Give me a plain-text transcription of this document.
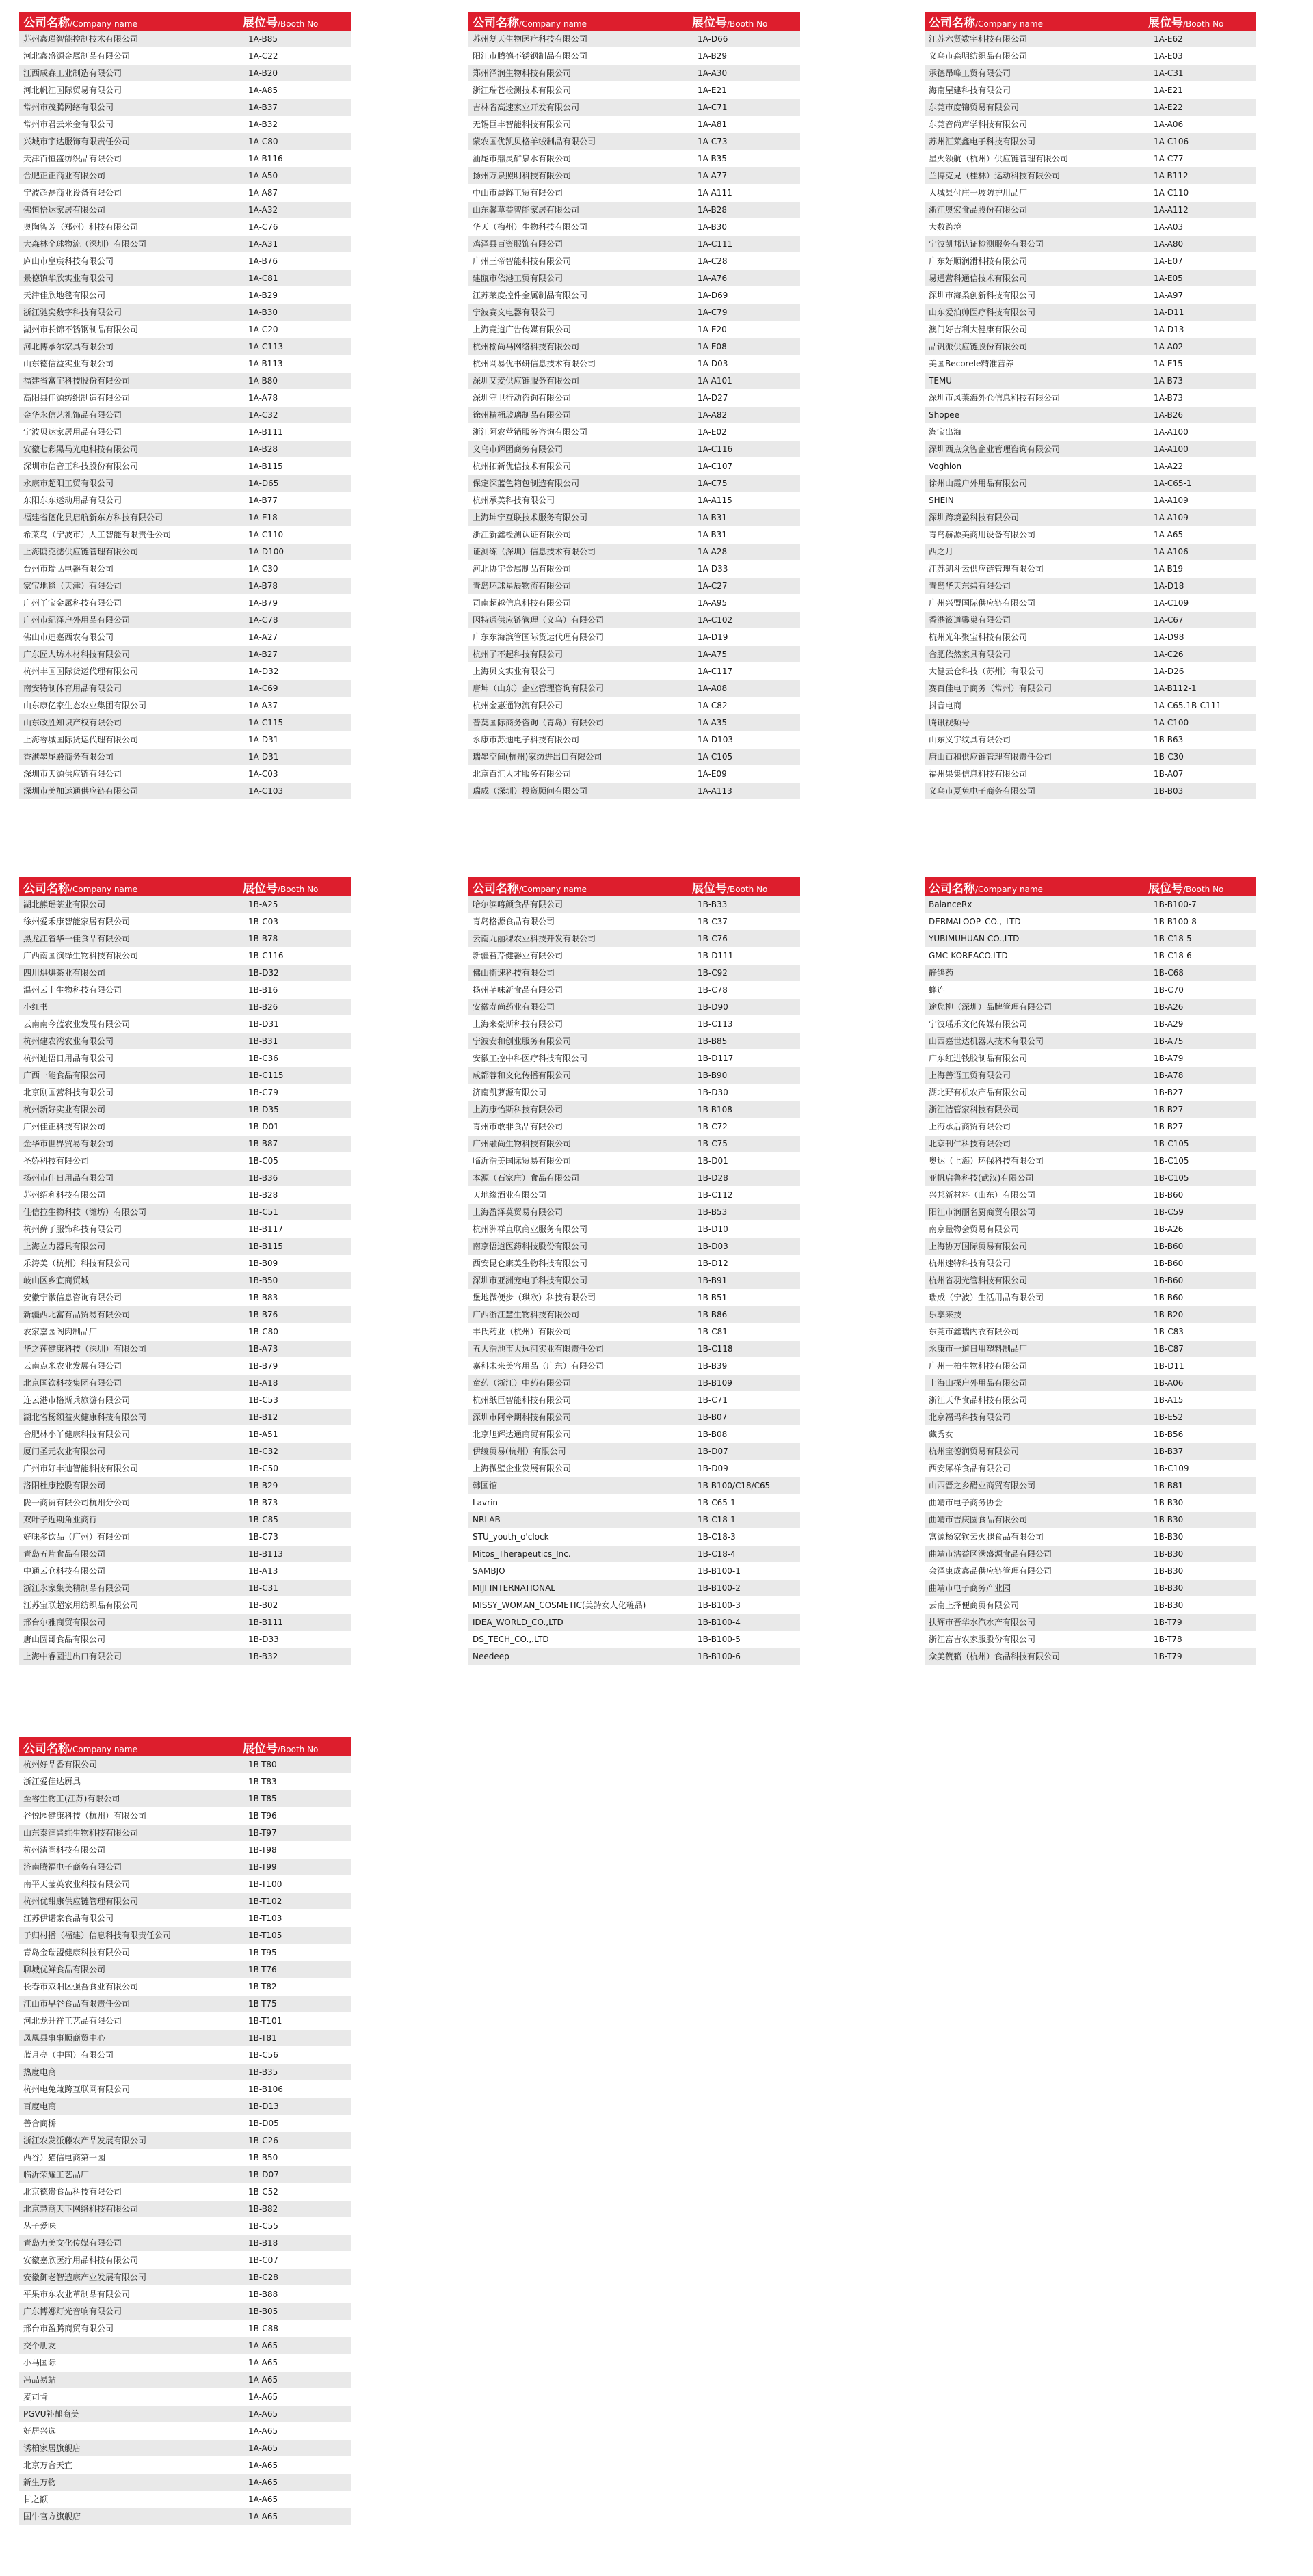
公司名称 /Company name	展位号 /Booth No
苏州鑫瑾智能控制技术有限公司	1A-B85
河北鑫盛源金属制品有限公司	1A-C22
江西成森工业制造有限公司	1A-B20
河北帆江国际贸易有限公司	1A-A85
常州市茂腾网络有限公司	1A-B37
常州市君云米金有限公司	1A-B32
兴城市宇达服饰有限责任公司	1A-C80
天津百恒盛纺织品有限公司	1A-B116
合肥正正商业有限公司	1A-A50
宁波超磊商业设备有限公司	1A-A87
佛恒悟达家居有限公司	1A-A32
奥陶智芳（郑州）科技有限公司	1A-C76
大森林全球物流（深圳）有限公司	1A-A31
庐山市皇宸科技有限公司	1A-B76
景德镇华欣实业有限公司	1A-C81
天津佳欣地毯有限公司	1A-B29
浙江驰奕数字科技有限公司	1A-B30
湖州市长锦不锈钢制品有限公司	1A-C20
河北博承尔家具有限公司	1A-C113
山东德信益实业有限公司	1A-B113
福建省富宇科技股份有限公司	1A-B80
高阳县佳源纺织制造有限公司	1A-A78
金华永信艺礼饰品有限公司	1A-C32
宁波贝达家居用品有限公司	1A-B111
安徽七彩黑马光电科技有限公司	1A-B28
深圳市信音王科技股份有限公司	1A-B115
永康市超阳工贸有限公司	1A-D65
东阳东东运动用品有限公司	1A-B77
福建省德化县启航新东方科技有限公司	1A-E18
希莱鸟（宁波市）人工智能有限责任公司	1A-C110
上海鸥克滤供应链管理有限公司	1A-D100
台州市瑞弘电器有限公司	1A-C30
家宝地毯（天津）有限公司	1A-B78
广州丫宝金属科技有限公司	1A-B79
广州市纪泽户外用品有限公司	1A-C78
佛山市迪嘉西农有限公司	1A-A27
广东匠人坊木材科技有限公司	1A-B27
杭州丰国国际货运代理有限公司	1A-D32
南安特制体育用品有限公司	1A-C69
山东康亿家生态农业集团有限公司	1A-A37
山东政胜知识产权有限公司	1A-C115
上海睿城国际货运代理有限公司	1A-D31
香港墨尾殿商务有限公司	1A-D31
深圳市天源供应链有限公司	1A-C03
深圳市美加运通供应链有限公司	1A-C103
公司名称 /Company name	展位号 /Booth No
苏州复天生物医疗科技有限公司	1A-D66
阳江市腾德不锈钢制品有限公司	1A-B29
郑州泽润生物科技有限公司	1A-A30
浙江瑞苍检测技术有限公司	1A-E21
吉林省高速家业开发有限公司	1A-C71
无锡巨丰智能科技有限公司	1A-A81
蒙农国优凯贝格羊绒制品有限公司	1A-C73
汕尾市鼎灵矿泉水有限公司	1A-B35
扬州万泉照明科技有限公司	1A-A77
中山市晨辉工贸有限公司	1A-A111
山东馨草益智能家居有限公司	1A-B28
华天（梅州）生物科技有限公司	1A-B30
鸡泽县百资服饰有限公司	1A-C111
广州三帝智能科技有限公司	1A-C28
建瓯市依港工贸有限公司	1A-A76
江苏莱度控件金属制品有限公司	1A-D69
宁波赛文电器有限公司	1A-C79
上海竞道广告传媒有限公司	1A-E20
杭州榆尚马网络科技有限公司	1A-E08
杭州网易优书研信息技术有限公司	1A-D03
深圳艾麦供应链服务有限公司	1A-A101
深圳守卫行动咨询有限公司	1A-D27
徐州精桶玻璃制品有限公司	1A-A82
浙江阿农营销服务咨询有限公司	1A-E02
义乌市辉团商务有限公司	1A-C116
杭州拓新优信技术有限公司	1A-C107
保定深蓝色箱包制造有限公司	1A-C75
杭州承美科技有限公司	1A-A115
上海坤宁互联技术服务有限公司	1A-B31
浙江新鑫检测认证有限公司	1A-B31
证测练（深圳）信息技术有限公司	1A-A28
河北协宇金属制品有限公司	1A-D33
青岛环球星辰物流有限公司	1A-C27
司南超越信息科技有限公司	1A-A95
因特通供应链管理（义乌）有限公司	1A-C102
广东东海滨管国际货运代理有限公司	1A-D19
杭州了不起科技有限公司	1A-A75
上海贝文实业有限公司	1A-C117
唐坤（山东）企业管理咨询有限公司	1A-A08
杭州金惠通物流有限公司	1A-C82
普莫国际商务咨询（青岛）有限公司	1A-A35
永康市苏迪电子科技有限公司	1A-D103
瑞墨空间(杭州)家纺进出口有限公司	1A-C105
北京百汇人才服务有限公司	1A-E09
瑞成（深圳）投资顾问有限公司	1A-A113
公司名称 /Company name	展位号 /Booth No
江苏六贤数字科技有限公司	1A-E62
义乌市森明纺织品有限公司	1A-E03
承德昂峰工贸有限公司	1A-C31
海南屋建科技有限公司	1A-E21
东莞市度锦贸易有限公司	1A-E22
东莞音尚声学科技有限公司	1A-A06
苏州汇莱鑫电子科技有限公司	1A-C106
星火领航（杭州）供应链管理有限公司	1A-C77
兰博克兄（桂林）运动科技有限公司	1A-B112
大城县付庄一坡防护用品厂	1A-C110
浙江奥宏食品股份有限公司	1A-A112
大数跨境	1A-A03
宁波凯邦认证检测服务有限公司	1A-A80
广东好顺润滑科技有限公司	1A-E07
易通营科通信技术有限公司	1A-E05
深圳市海柔创新科技有限公司	1A-A97
山东爱泊帅医疗科技有限公司	1A-D11
澳门好吉利大健康有限公司	1A-D13
品钒派供应链股份有限公司	1A-A02
美国Becorele精准营养	1A-E15
TEMU	1A-B73
深圳市风莱海外仓信息科技有限公司	1A-B73
Shopee	1A-B26
淘宝出海	1A-A100
深圳西点众智企业管理咨询有限公司	1A-A100
Voghion	1A-A22
徐州山霞户外用品有限公司	1A-C65-1
SHEIN	1A-A109
深圳跨境盈科技有限公司	1A-A109
青岛赫源美商用设备有限公司	1A-A65
西之月	1A-A106
江苏朗斗云供应链管理有限公司	1A-B19
青岛华天东碧有限公司	1A-D18
广州兴盟国际供应链有限公司	1A-C109
香港筱道馨巢有限公司	1A-C67
杭州光年聚宝科技有限公司	1A-D98
合肥依然家具有限公司	1A-C26
大健云仓科技（苏州）有限公司	1A-D26
赛百佳电子商务（常州）有限公司	1A-B112-1
抖音电商	1A-C65.1B-C111
腾讯视频号	1A-C100
山东义宇纹具有限公司	1B-B63
唐山百和供应链管理有限责任公司	1B-C30
福州果集信息科技有限公司	1B-A07
义乌市夏兔电子商务有限公司	1B-B03
公司名称 /Company name	展位号 /Booth No
湖北熊瑶茶业有限公司	1B-A25
徐州爱禾康智能家居有限公司	1B-C03
黑龙江省华一佳食品有限公司	1B-B78
广西南国演绎生物科技有限公司	1B-C116
四川烘烘茶业有限公司	1B-D32
温州云上生物科技有限公司	1B-B16
小红书	1B-B26
云南南今蓝农业发展有限公司	1B-D31
杭州建农湾农业有限公司	1B-B31
杭州迪悟日用品有限公司	1B-C36
广西一能食品有限公司	1B-C115
北京刚国营科技有限公司	1B-C79
杭州新好实业有限公司	1B-D35
广州佳正科技有限公司	1B-D01
金华市世界贸易有限公司	1B-B87
圣娇科技有限公司	1B-C05
扬州市佳日用品有限公司	1B-B36
苏州绍利科技有限公司	1B-B28
佳信拉生物科技（潍坊）有限公司	1B-C51
杭州藓子服饰科技有限公司	1B-B117
上海立力器具有限公司	1B-B115
乐涛美（杭州）科技有限公司	1B-B09
岐山区乡宜商贸城	1B-B50
安徽宁徽信息咨询有限公司	1B-B83
新疆西北富有品贸易有限公司	1B-B76
农家嘉园阁肉制品厂	1B-C80
华之莲健康科技（深圳）有限公司	1B-A73
云南点米农业发展有限公司	1B-B79
北京国钦科技集团有限公司	1B-A18
连云港市格斯兵旅游有限公司	1B-C53
湖北省杨额益火健康科技有限公司	1B-B12
合肥林小丫健康科技有限公司	1B-A51
厦门圣元农业有限公司	1B-C32
广州市好丰迪智能科技有限公司	1B-C50
洛阳杜康控股有限公司	1B-B29
陇一商贸有限公司杭州分公司	1B-B73
双叶子近期角业商行	1B-C85
好味多饮品（广州）有限公司	1B-C73
青岛五片食品有限公司	1B-B113
中通云仓科技有限公司	1B-A13
浙江永家集美精制品有限公司	1B-C31
江苏宝联超家用纺织品有限公司	1B-B02
邢台尔雅商贸有限公司	1B-B111
唐山圆哥食品有限公司	1B-D33
上海中睿圆进出口有限公司	1B-B32
公司名称 /Company name	展位号 /Booth No
哈尔滨喀颜食品有限公司	1B-B33
青岛格源食品有限公司	1B-C37
云南九丽稞农业科技开发有限公司	1B-C76
新疆苔芹健器业有限公司	1B-D111
佛山衡速科技有限公司	1B-C92
扬州芊味新食品有限公司	1B-C78
安徽寿尚药业有限公司	1B-D90
上海来豪斯科技有限公司	1B-C113
宁波安和创业服务有限公司	1B-B85
安徽工控中科医疗科技有限公司	1B-D117
成都蓉和文化传播有限公司	1B-B90
济南凯萝源有限公司	1B-D30
上海康怡斯科技有限公司	1B-B108
青州市敢非食品有限公司	1B-C72
广州融尚生物科技有限公司	1B-C75
临沂浩美国际贸易有限公司	1B-D01
本源（石家庄）食品有限公司	1B-D28
天地缘酒业有限公司	1B-C112
上海盈泽莫贸易有限公司	1B-B53
杭州洲祥直联商业服务有限公司	1B-D10
南京悟道医药科技股份有限公司	1B-D03
西安昆仑康美生物科技有限公司	1B-D12
深圳市亚洲宠电子科技有限公司	1B-B91
堡地微便步（琪欧）科技有限公司	1B-B51
广西浙江慧生物科技有限公司	1B-B86
丰氏药业（杭州）有限公司	1B-C81
五大浩池市大远河实业有限责任公司	1B-C118
嘉科未来美容用品（广东）有限公司	1B-B39
童药（浙江）中药有限公司	1B-B109
杭州纸巨智能科技有限公司	1B-C71
深圳市阿牵期科技有限公司	1B-B07
北京旭辉达通商贸有限公司	1B-B08
伊绫贸易(杭州）有限公司	1B-D07
上海微壁企业发展有限公司	1B-D09
韩国馆	1B-B100/C18/C65
Lavrin	1B-C65-1
NRLAB	1B-C18-1
STU_youth_o'clock	1B-C18-3
Mitos_Therapeutics_Inc.	1B-C18-4
SAMBJO	1B-B100-1
MIJI INTERNATIONAL	1B-B100-2
MISSY_WOMAN_COSMETIC(美詩女人化粧品)	1B-B100-3
IDEA_WORLD_CO.,LTD	1B-B100-4
DS_TECH_CO.,.LTD	1B-B100-5
Needeep	1B-B100-6
公司名称 /Company name	展位号 /Booth No
BalanceRx	1B-B100-7
DERMALOOP_CO.,_LTD	1B-B100-8
YUBIMUHUAN CO.,LTD	1B-C18-5
GMC-KOREACO.LTD	1B-C18-6
静鸽药	1B-C68
蜂连	1B-C70
途您柳（深圳）品牌管理有限公司	1B-A26
宁波瑶乐文化传媒有限公司	1B-A29
山西嘉世达机器人技术有限公司	1B-A75
广东红进钱胶制品有限公司	1B-A79
上海善语工贸有限公司	1B-A78
湖北野有机农产品有限公司	1B-B27
浙江洁管家科技有限公司	1B-B27
上海承后商贸有限公司	1B-B27
北京刊仁科技有限公司	1B-C105
奥达（上海）环保科技有限公司	1B-C105
亚帆启鲁科技(武汉)有限公司	1B-C105
兴邦新材料（山东）有限公司	1B-B60
阳江市润丽名厨商贸有限公司	1B-C59
南京量物会贸易有限公司	1B-A26
上海协万国际贸易有限公司	1B-B60
杭州速特科技有限公司	1B-B60
杭州省羽光管科技有限公司	1B-B60
瑞成（宁波）生活用品有限公司	1B-B60
乐享来技	1B-B20
东莞市鑫瑞内衣有限公司	1B-C83
永康市一道日用塑料制品厂	1B-C87
广州一柏生物科技有限公司	1B-D11
上海山探户外用品有限公司	1B-A06
浙江天华食品科技有限公司	1B-A15
北京福玛科技有限公司	1B-E52
藏秀女	1B-B56
杭州宝德润贸易有限公司	1B-B37
西安犀祥食品有限公司	1B-C109
山西晋之乡醋业商贸有限公司	1B-B81
曲靖市电子商务协会	1B-B30
曲靖市吉庆圆食品有限公司	1B-B30
富源杨家钦云火腿食品有限公司	1B-B30
曲靖市沾益区满盛源食品有限公司	1B-B30
会泽康成鑫品供应链管理有限公司	1B-B30
曲靖市电子商务产业园	1B-B30
云南上择便商贸有限公司	1B-B30
扶辉市晋华水汽水产有限公司	1B-T79
浙江富吉农家服股份有限公司	1B-T78
众美赞籁（杭州）食品科技有限公司	1B-T79
公司名称 /Company name	展位号 /Booth No
杭州好品香有限公司	1B-T80
浙江爱佳达厨具	1B-T83
至睿生物工(江苏)有限公司	1B-T85
谷悦园健康科技（杭州）有限公司	1B-T96
山东泰润晋维生物科技有限公司	1B-T97
杭州清尚科技有限公司	1B-T98
济南腾福电子商务有限公司	1B-T99
南平天莹英农业科技有限公司	1B-T100
杭州优甜康供应链管理有限公司	1B-T102
江苏伊诺家食品有限公司	1B-T103
子归村播（福建）信息科技有限责任公司	1B-T105
青岛金瑞盟健康科技有限公司	1B-T95
聊城优鲜食品有限公司	1B-T76
长春市双阳区强吾食业有限公司	1B-T82
江山市早谷食品有限责任公司	1B-T75
河北龙升祥工艺品有限公司	1B-T101
凤凰县事事顺商贸中心	1B-T81
蓝月亮（中国）有限公司	1B-C56
热度电商	1B-B35
杭州电兔兼跨互联网有限公司	1B-B106
百度电商	1B-D13
善合商桥	1B-D05
浙江农发派藤农产品发展有限公司	1B-C26
西谷）猫信电商第一园	1B-B50
临沂荣耀工艺品厂	1B-D07
北京德贵食品科技有限公司	1B-C52
北京慧商天下网络科技有限公司	1B-B82
丛子爱味	1B-C55
青岛力美文化传媒有限公司	1B-B18
安徽嘉欣医疗用品科技有限公司	1B-C07
安徽御老智造康产业发展有限公司	1B-C28
平果市东农业革制品有限公司	1B-B88
广东博娜灯光音响有限公司	1B-B05
邢台市盈腾商贸有限公司	1B-C88
交个朋友	1A-A65
小马国际	1A-A65
冯品易站	1A-A65
麦司肯	1A-A65
PGVU补郁商美	1A-A65
好居兴选	1A-A65
诱柏家居旗舰店	1A-A65
北京万合天宜	1A-A65
新生万物	1A-A65
甘之额	1A-A65
国牛官方旗舰店	1A-A65
